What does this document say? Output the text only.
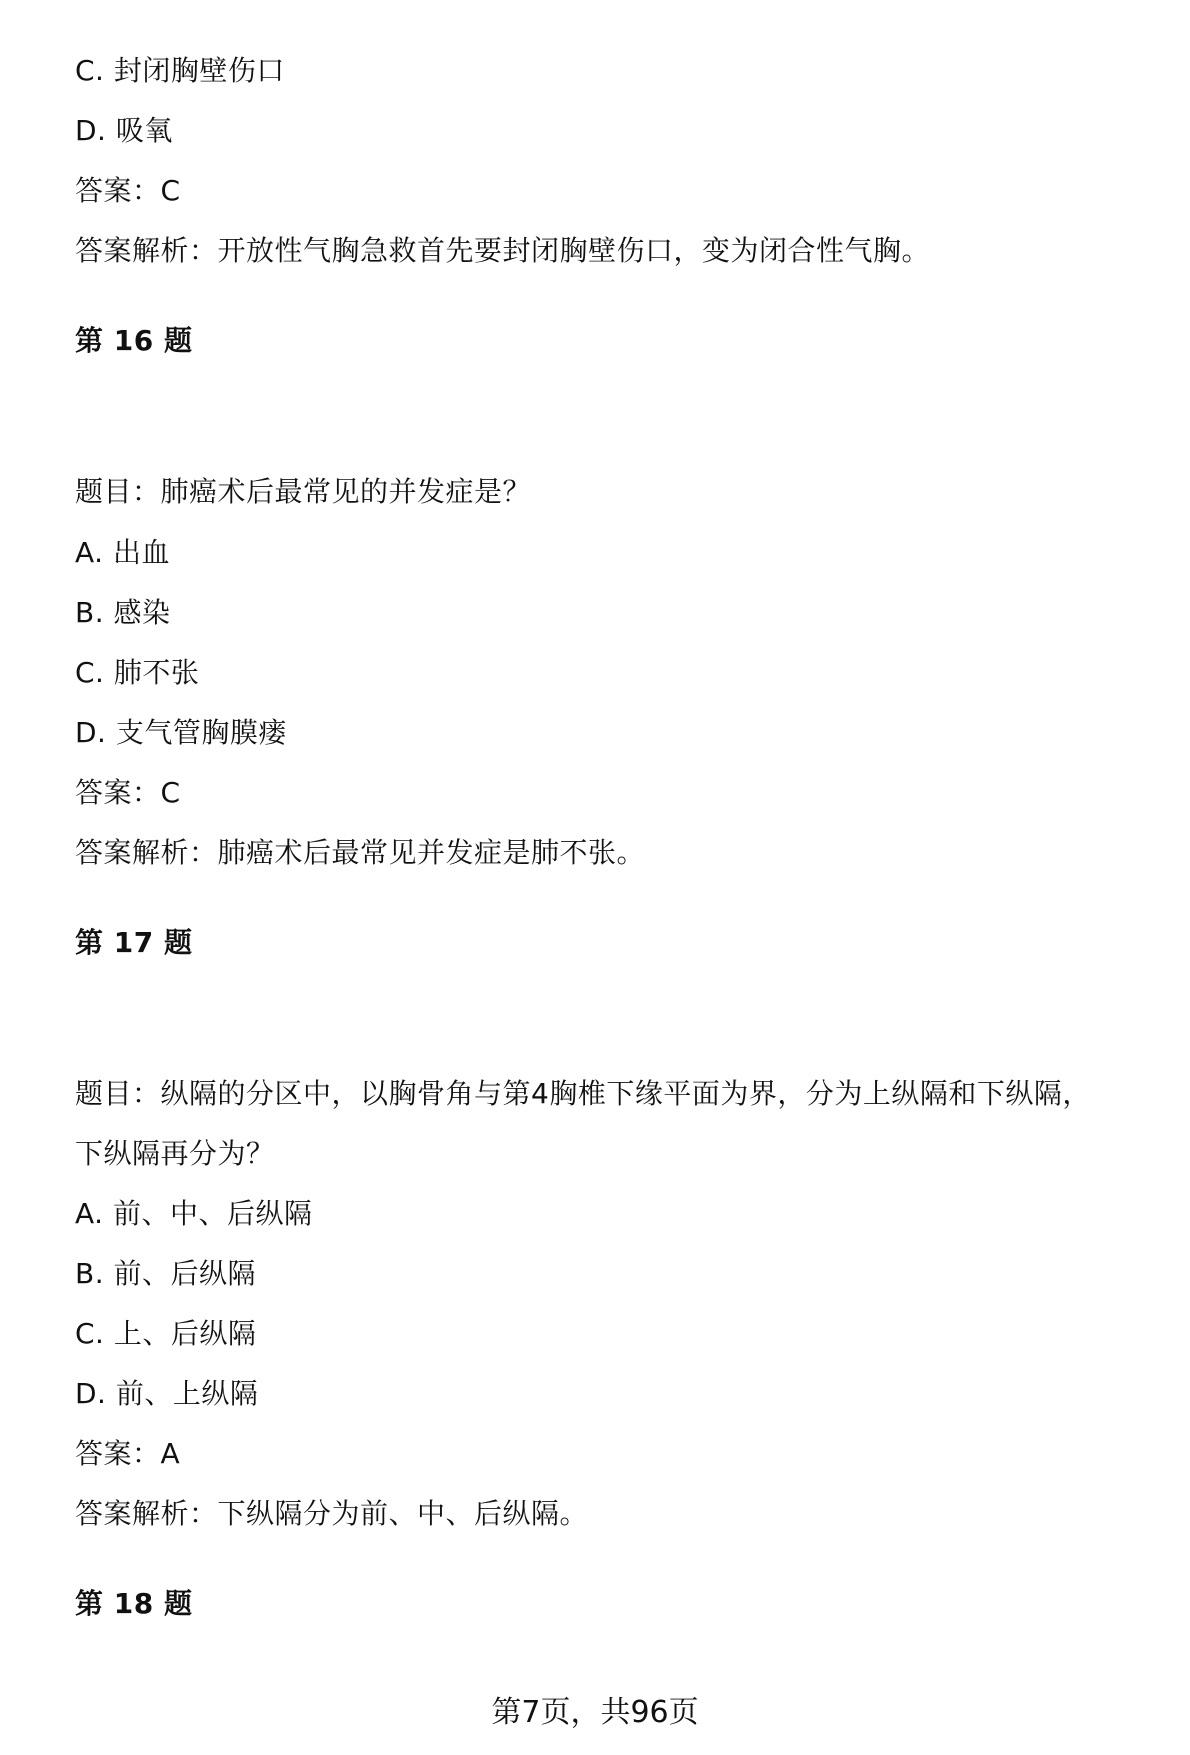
C. 封闭胸壁伤口
D. 吸氧
答案：C
答案解析：开放性气胸急救首先要封闭胸壁伤口，变为闭合性气胸。
第 16 题
题目：肺癌术后最常见的并发症是？
A. 出血
B. 感染
C. 肺不张
D. 支气管胸膜瘘
答案：C
答案解析：肺癌术后最常见并发症是肺不张。
第 17 题
题目：纵隔的分区中，以胸骨角与第4胸椎下缘平面为界，分为上纵隔和下纵隔，
下纵隔再分为？
A. 前、中、后纵隔
B. 前、后纵隔
C. 上、后纵隔
D. 前、上纵隔
答案：A
答案解析：下纵隔分为前、中、后纵隔。
第 18 题
第7页，共96页
